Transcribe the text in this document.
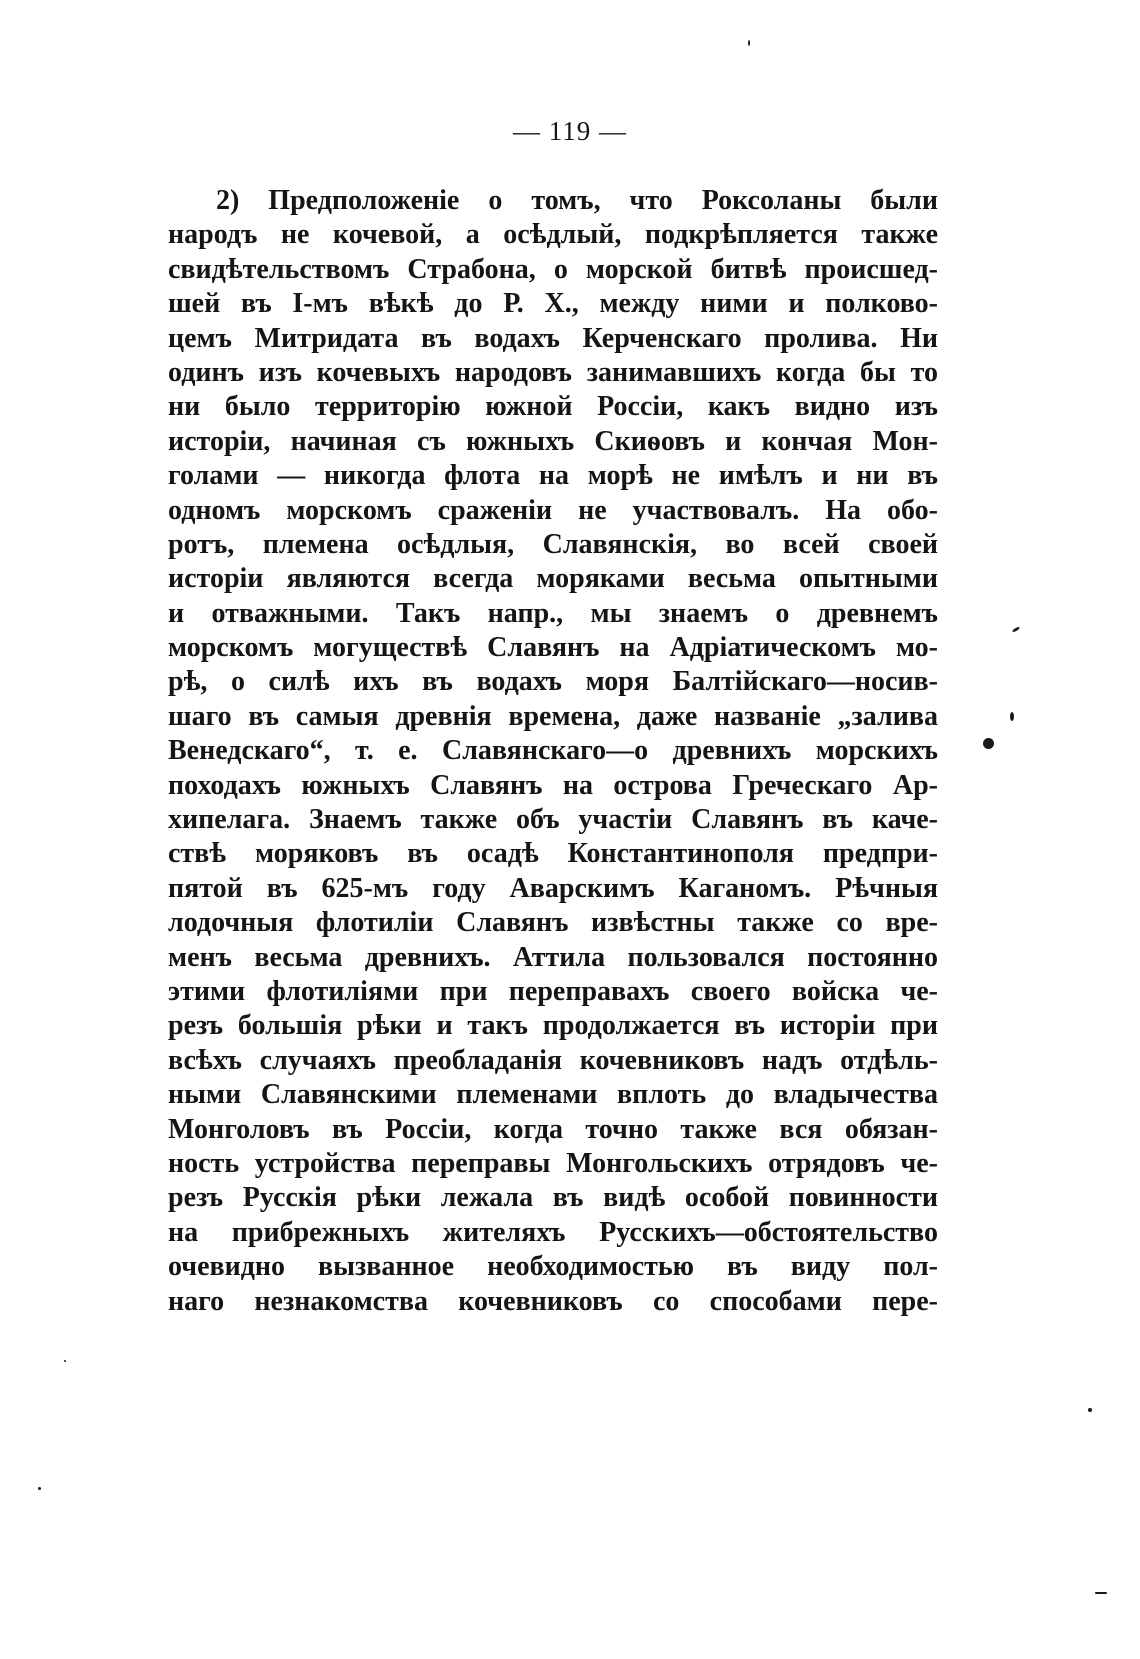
— 119 —
2) Предположеніе о томъ, что Роксоланы были
народъ не кочевой, а осѣдлый, подкрѣпляется также
свидѣтельствомъ Страбона, о морской битвѣ происшед-
шей въ I-мъ вѣкѣ до Р. Х., между ними и полково-
цемъ Митридата въ водахъ Керченскаго пролива. Ни
одинъ изъ кочевыхъ народовъ занимавшихъ когда бы то
ни было территорію южной Россіи, какъ видно изъ
исторіи, начиная съ южныхъ Скиѳовъ и кончая Мон-
голами — никогда флота на морѣ не имѣлъ и ни въ
одномъ морскомъ сраженіи не участвовалъ. На обо-
ротъ, племена осѣдлыя, Славянскія, во всей своей
исторіи являются всегда моряками весьма опытными
и отважными. Такъ напр., мы знаемъ о древнемъ
морскомъ могуществѣ Славянъ на Адріатическомъ мо-
рѣ, о силѣ ихъ въ водахъ моря Балтійскаго—носив-
шаго въ самыя древнія времена, даже названіе „залива
Венедскаго“, т. е. Славянскаго—о древнихъ морскихъ
походахъ южныхъ Славянъ на острова Греческаго Ар-
хипелага. Знаемъ также объ участіи Славянъ въ каче-
ствѣ моряковъ въ осадѣ Константинополя предпри-
пятой въ 625-мъ году Аварскимъ Каганомъ. Рѣчныя
лодочныя флотиліи Славянъ извѣстны также со вре-
менъ весьма древнихъ. Аттила пользовался постоянно
этими флотиліями при переправахъ своего войска че-
резъ большія рѣки и такъ продолжается въ исторіи при
всѣхъ случаяхъ преобладанія кочевниковъ надъ отдѣль-
ными Славянскими племенами вплоть до владычества
Монголовъ въ Россіи, когда точно также вся обязан-
ность устройства переправы Монгольскихъ отрядовъ че-
резъ Русскія рѣки лежала въ видѣ особой повинности
на прибрежныхъ жителяхъ Русскихъ—обстоятельство
очевидно вызванное необходимостью въ виду пол-
наго незнакомства кочевниковъ со способами пере-
